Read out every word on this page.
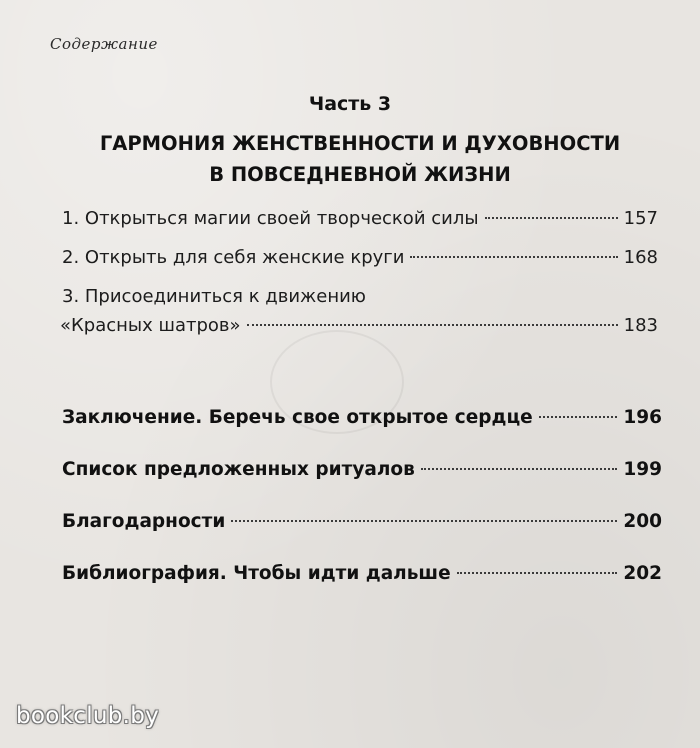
Содержание
Часть 3
ГАРМОНИЯ ЖЕНСТВЕННОСТИ И ДУХОВНОСТИ
В ПОВСЕДНЕВНОЙ ЖИЗНИ
1. Открыться магии своей творческой силы	157
2. Открыть для себя женские круги	168
3. Присоединиться к движению
«Красных шатров»	183
Заключение. Беречь свое открытое сердце	196
Список предложенных ритуалов	199
Благодарности	200
Библиография. Чтобы идти дальше	202
bookclub.by
